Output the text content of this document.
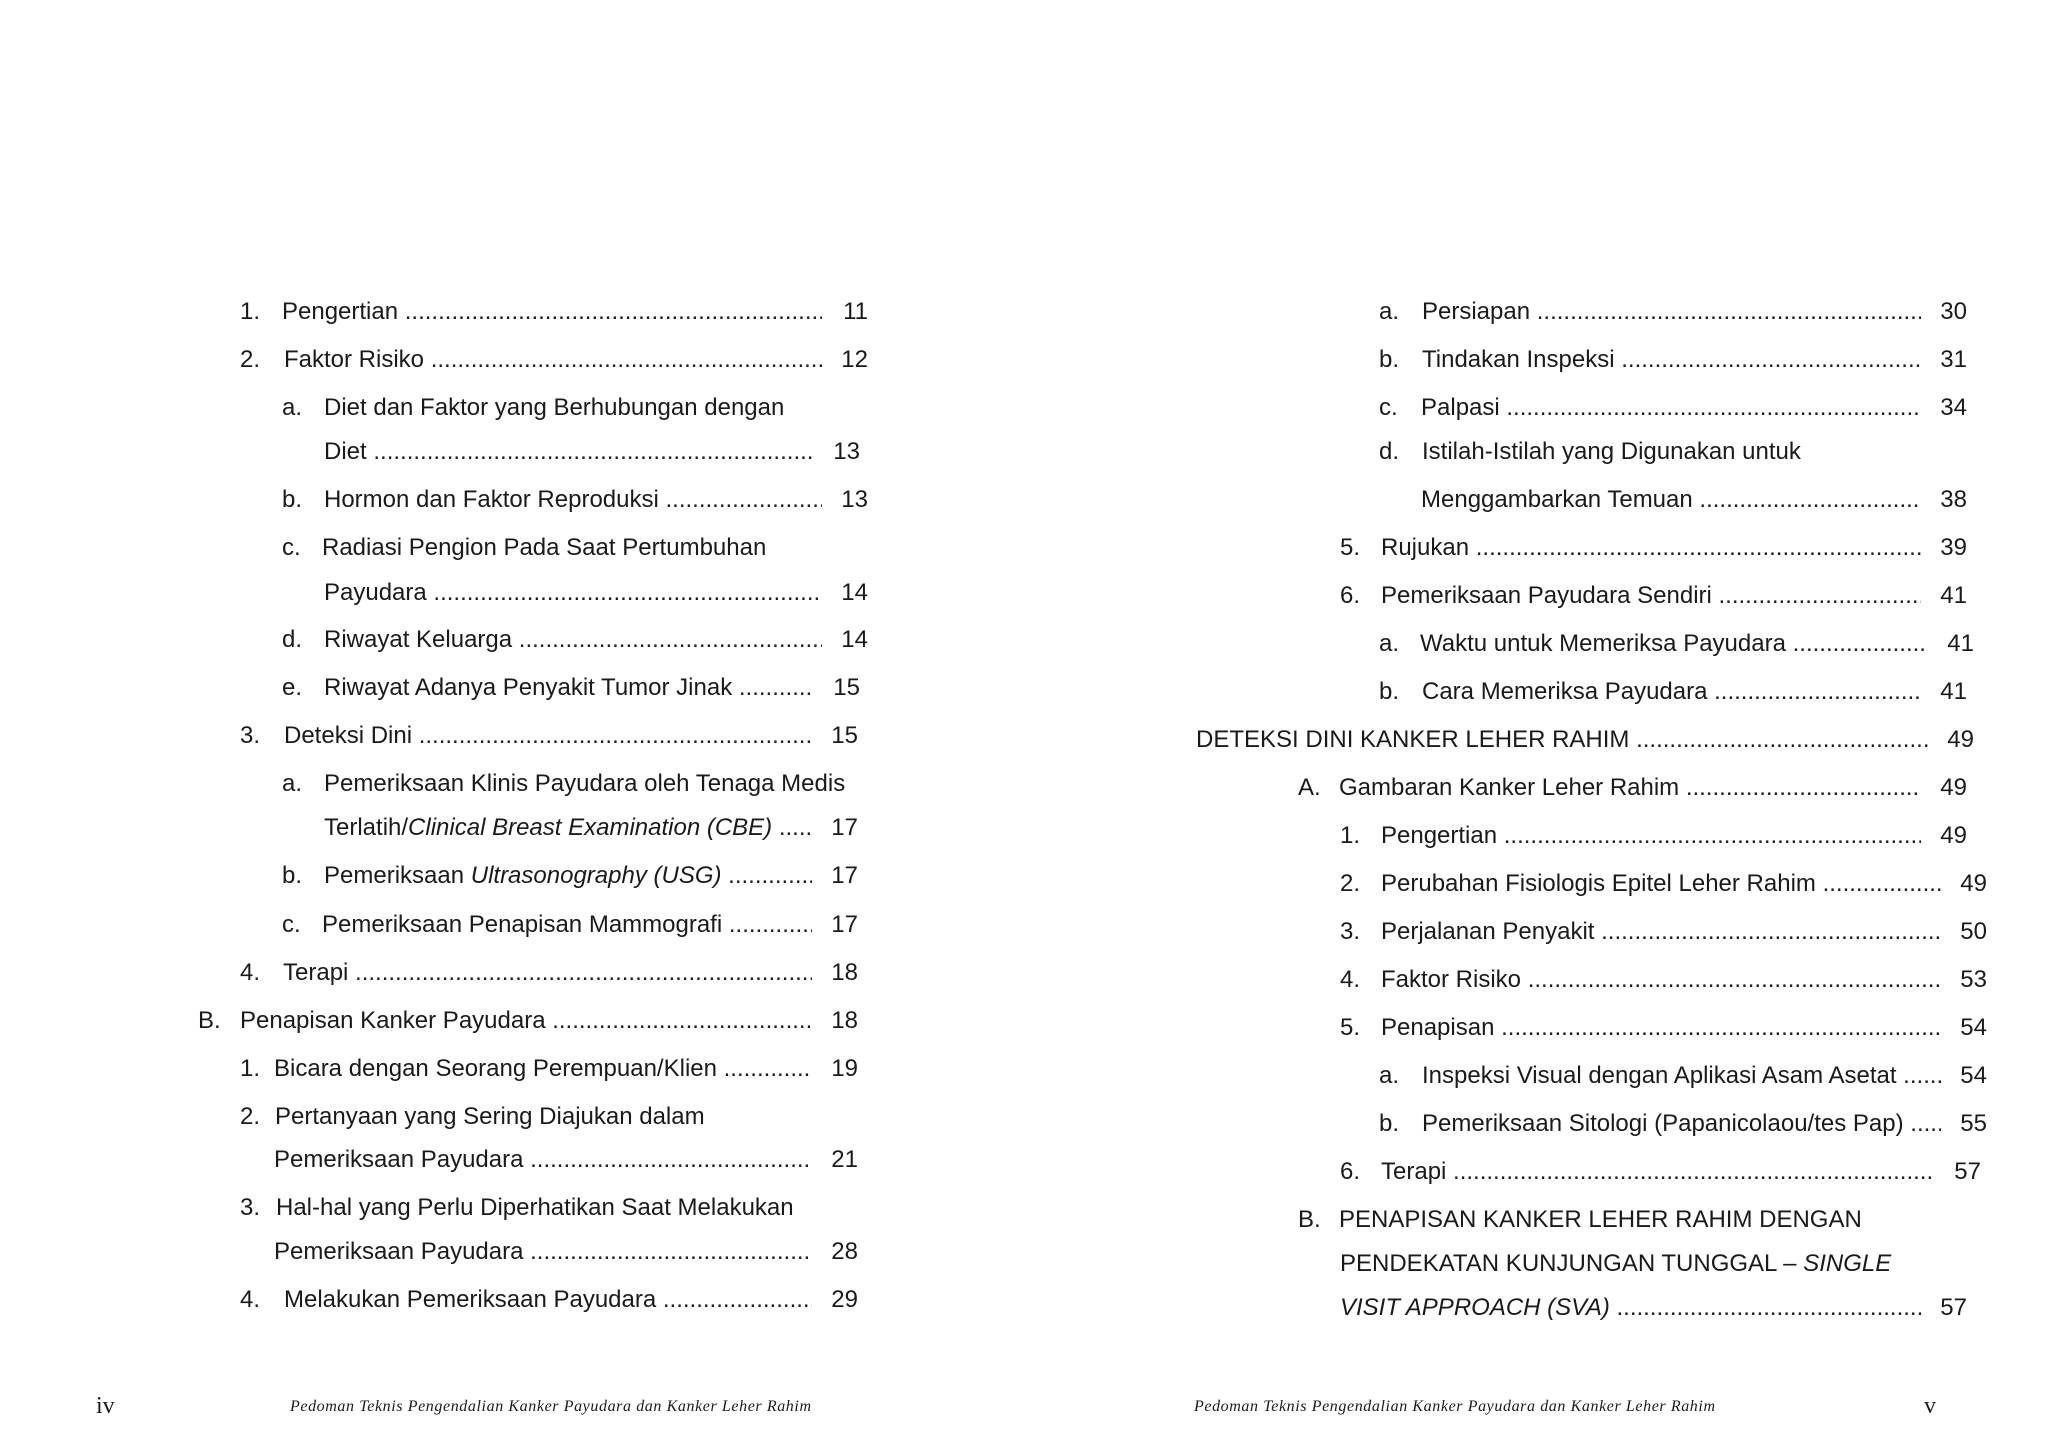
1. Pengertian .....	11
2. Faktor Risiko .....	12
a. Diet dan Faktor yang Berhubungan dengan
Diet .....	13
b. Hormon dan Faktor Reproduksi .....	13
c. Radiasi Pengion Pada Saat Pertumbuhan
Payudara .....	14
d. Riwayat Keluarga .....	14
e. Riwayat Adanya Penyakit Tumor Jinak .....	15
3. Deteksi Dini .....	15
a. Pemeriksaan Klinis Payudara oleh Tenaga Medis
Terlatih/Clinical Breast Examination (CBE) .....	17
b. Pemeriksaan Ultrasonography (USG) .....	17
c. Pemeriksaan Penapisan Mammografi .....	17
4. Terapi .....	18
B. Penapisan Kanker Payudara .....	18
1. Bicara dengan Seorang Perempuan/Klien .....	19
2. Pertanyaan yang Sering Diajukan dalam
Pemeriksaan Payudara .....	21
3. Hal-hal yang Perlu Diperhatikan Saat Melakukan
Pemeriksaan Payudara .....	28
4. Melakukan Pemeriksaan Payudara .....	29
iv	Pedoman Teknis Pengendalian Kanker Payudara dan Kanker Leher Rahim
a. Persiapan .....	30
b. Tindakan Inspeksi .....	31
c. Palpasi .....	34
d. Istilah-Istilah yang Digunakan untuk
Menggambarkan Temuan .....	38
5. Rujukan .....	39
6. Pemeriksaan Payudara Sendiri .....	41
a. Waktu untuk Memeriksa Payudara .....	41
b. Cara Memeriksa Payudara .....	41
DETEKSI DINI KANKER LEHER RAHIM .....	49
A. Gambaran Kanker Leher Rahim .....	49
1. Pengertian .....	49
2. Perubahan Fisiologis Epitel Leher Rahim .....	49
3. Perjalanan Penyakit .....	50
4. Faktor Risiko .....	53
5. Penapisan .....	54
a. Inspeksi Visual dengan Aplikasi Asam Asetat .....	54
b. Pemeriksaan Sitologi (Papanicolaou/tes Pap) .....	55
6. Terapi .....	57
B. PENAPISAN KANKER LEHER RAHIM DENGAN
PENDEKATAN KUNJUNGAN TUNGGAL – SINGLE
VISIT APPROACH (SVA) .....	57
Pedoman Teknis Pengendalian Kanker Payudara dan Kanker Leher Rahim	v
